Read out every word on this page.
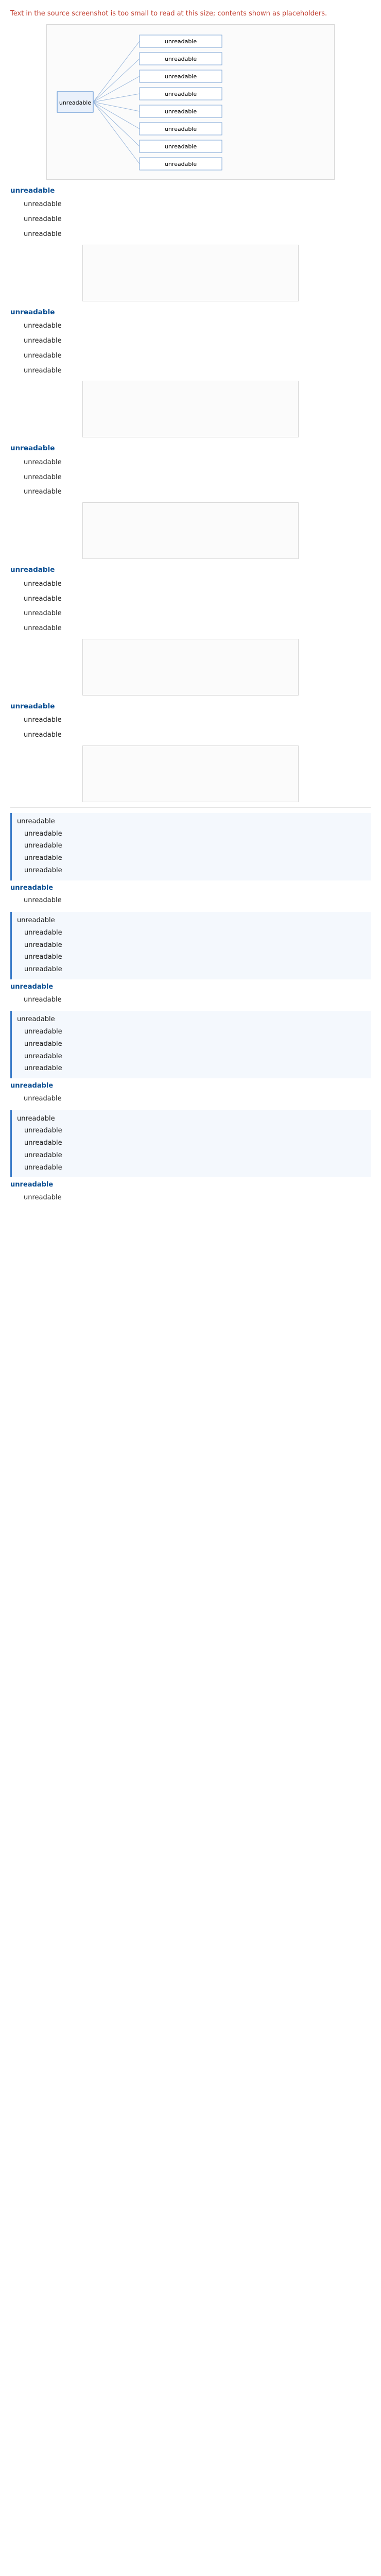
Text in the source screenshot is too small to read at this size; contents shown as placeholders.
unreadable
unreadable
unreadable
unreadable
unreadable
unreadable
unreadable
unreadable
unreadable
unreadable
unreadable
unreadable
unreadable
unreadable
unreadable
unreadable
unreadable
unreadable
unreadable
unreadable
unreadable
unreadable
unreadable
unreadable
unreadable
unreadable
unreadable
unreadable
unreadable
unreadable
unreadable
unreadable
unreadable
unreadable
unreadable
unreadable
unreadable
unreadable
unreadable
unreadable
unreadable
unreadable
unreadable
unreadable
unreadable
unreadable
unreadable
unreadable
unreadable
unreadable
unreadable
unreadable
unreadable
unreadable
unreadable
unreadable
unreadable
unreadable
